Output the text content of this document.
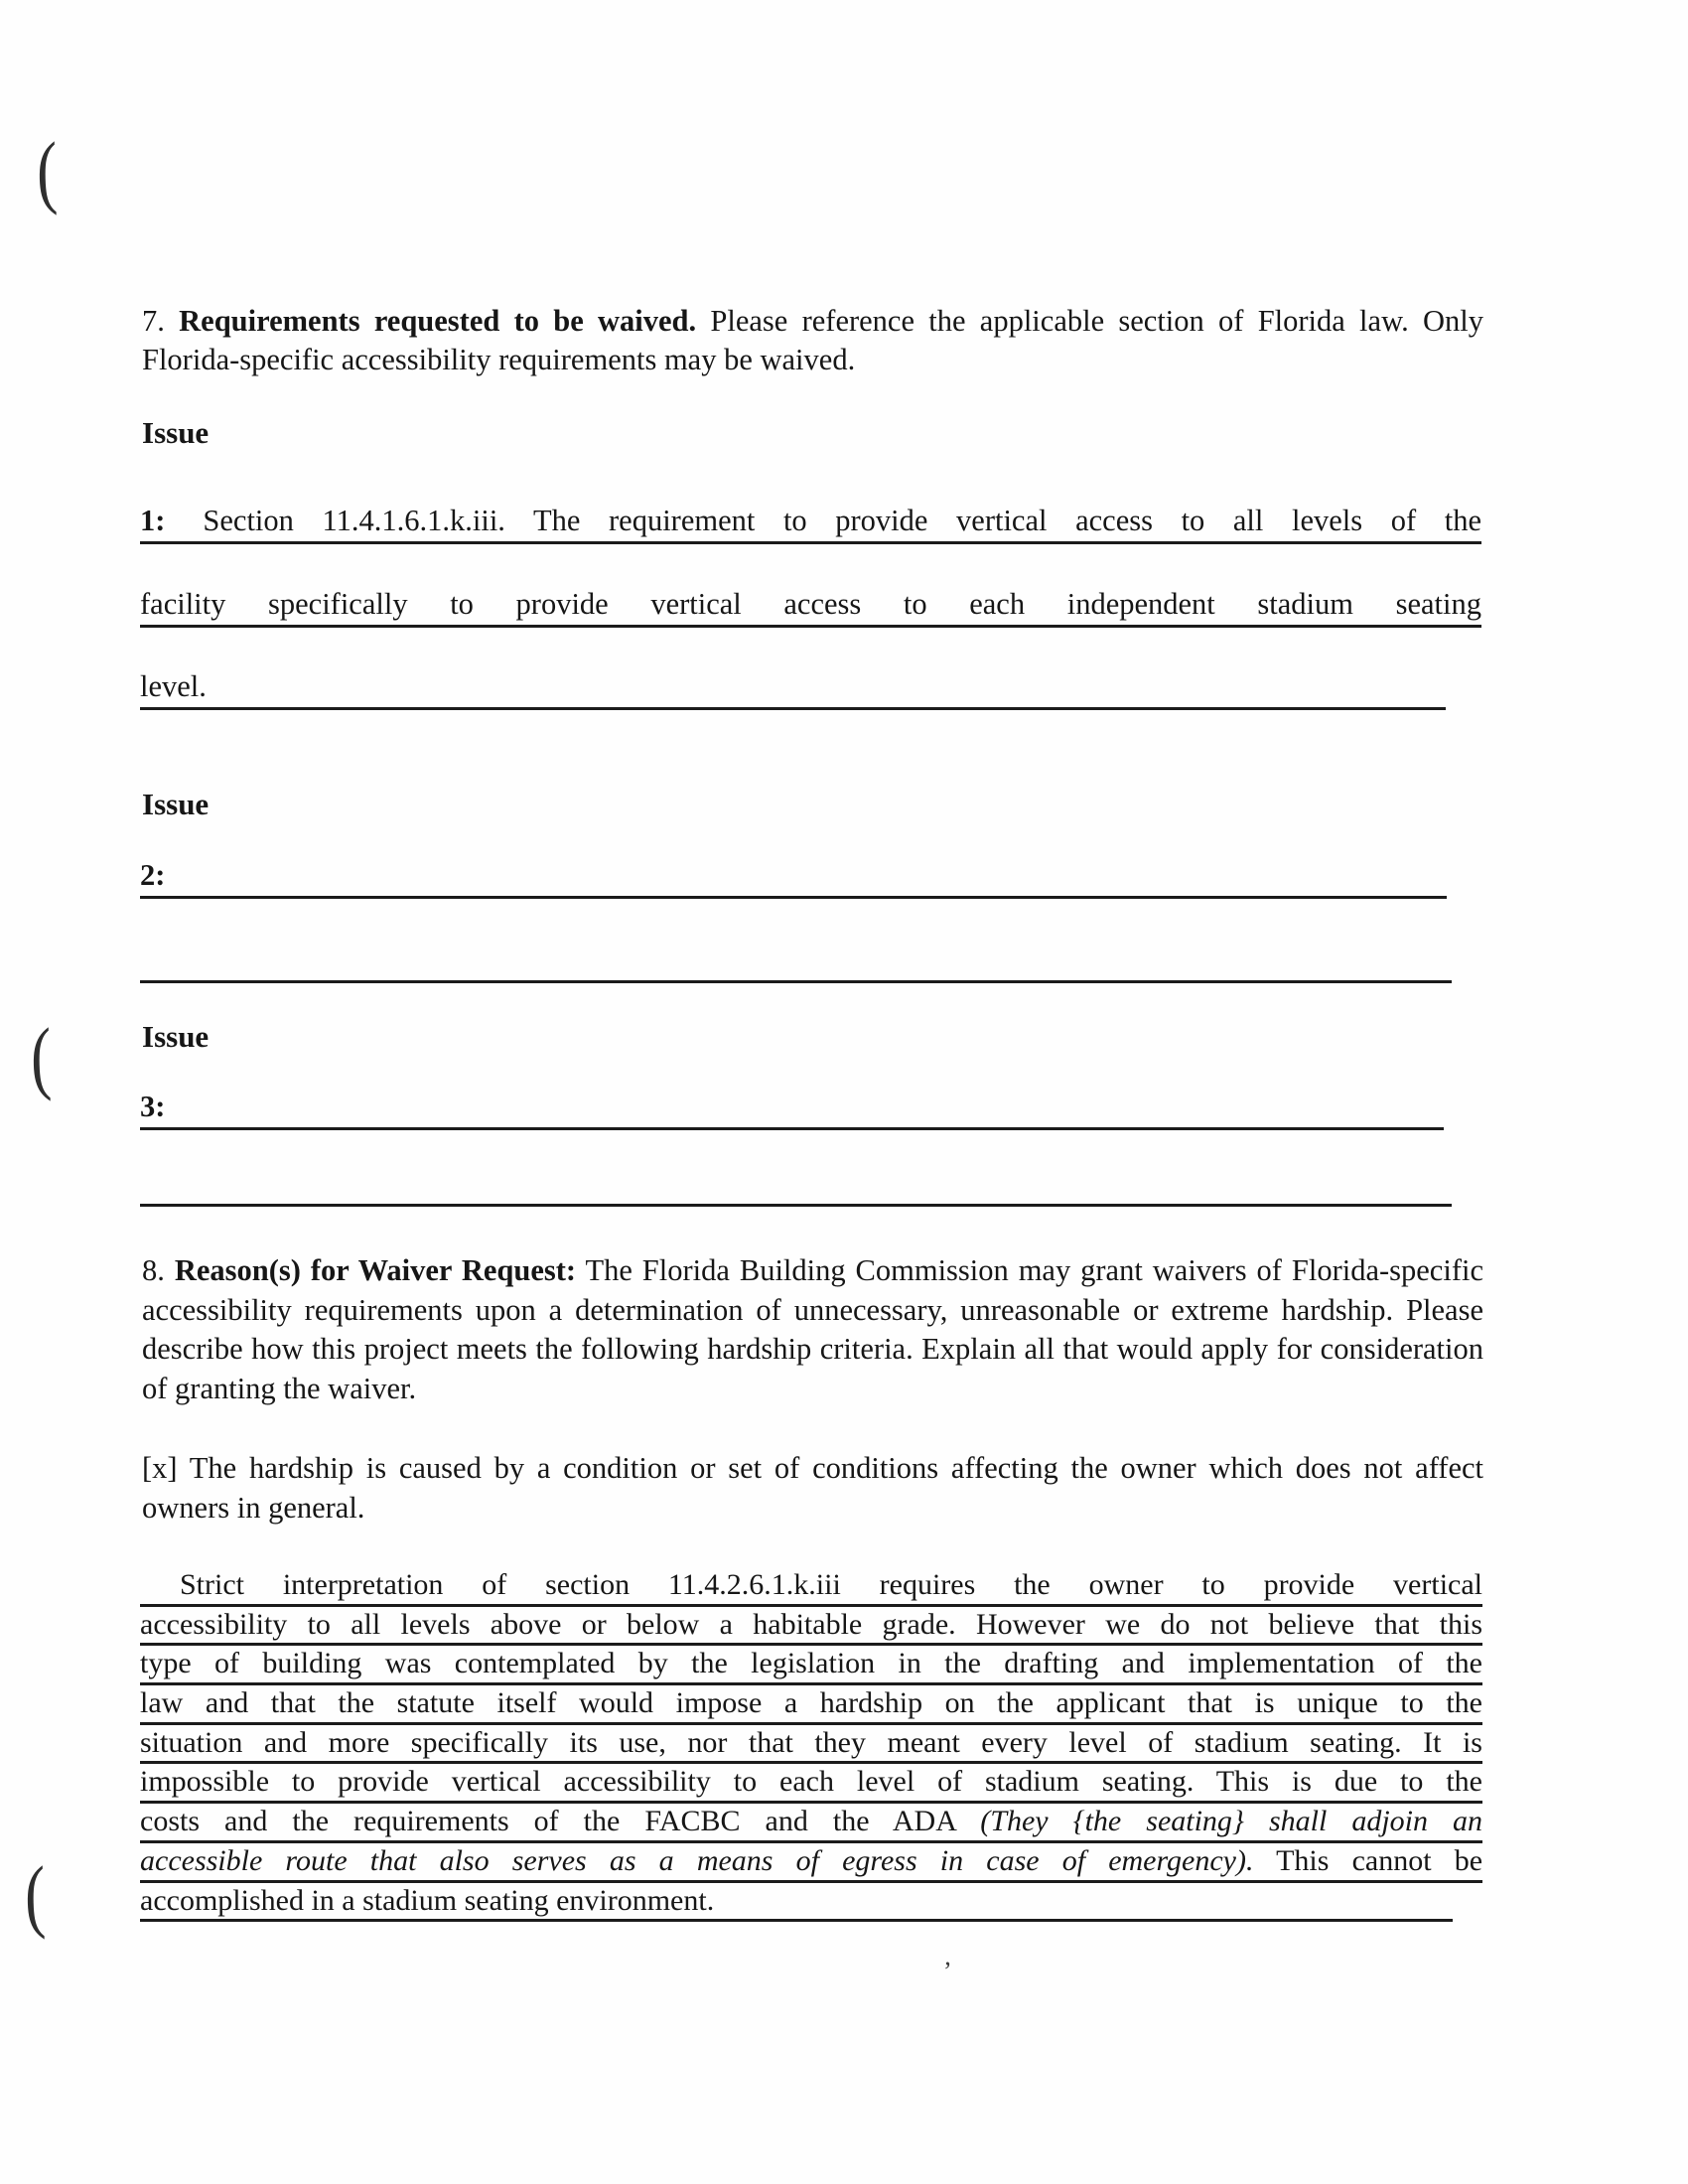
(
(
(
’
7. Requirements requested to be waived. Please reference the applicable section of Florida law. Only Florida-specific accessibility requirements may be waived.
Issue
1: Section 11.4.1.6.1.k.iii. The requirement to provide vertical access to all levels of the
facility specifically to provide vertical access to each independent stadium seating
level.
Issue
2:
Issue
3:
8. Reason(s) for Waiver Request: The Florida Building Commission may grant waivers of Florida-specific accessibility requirements upon a determination of unnecessary, unreasonable or extreme hardship. Please describe how this project meets the following hardship criteria. Explain all that would apply for consideration of granting the waiver.
[x] The hardship is caused by a condition or set of conditions affecting the owner which does not affect owners in general.
Strict interpretation of section 11.4.2.6.1.k.iii requires the owner to provide vertical
accessibility to all levels above or below a habitable grade. However we do not believe that this
type of building was contemplated by the legislation in the drafting and implementation of the
law and that the statute itself would impose a hardship on the applicant that is unique to the
situation and more specifically its use, nor that they meant every level of stadium seating. It is
impossible to provide vertical accessibility to each level of stadium seating. This is due to the
costs and the requirements of the FACBC and the ADA (They {the seating} shall adjoin an
accessible route that also serves as a means of egress in case of emergency). This cannot be
accomplished in a stadium seating environment.
